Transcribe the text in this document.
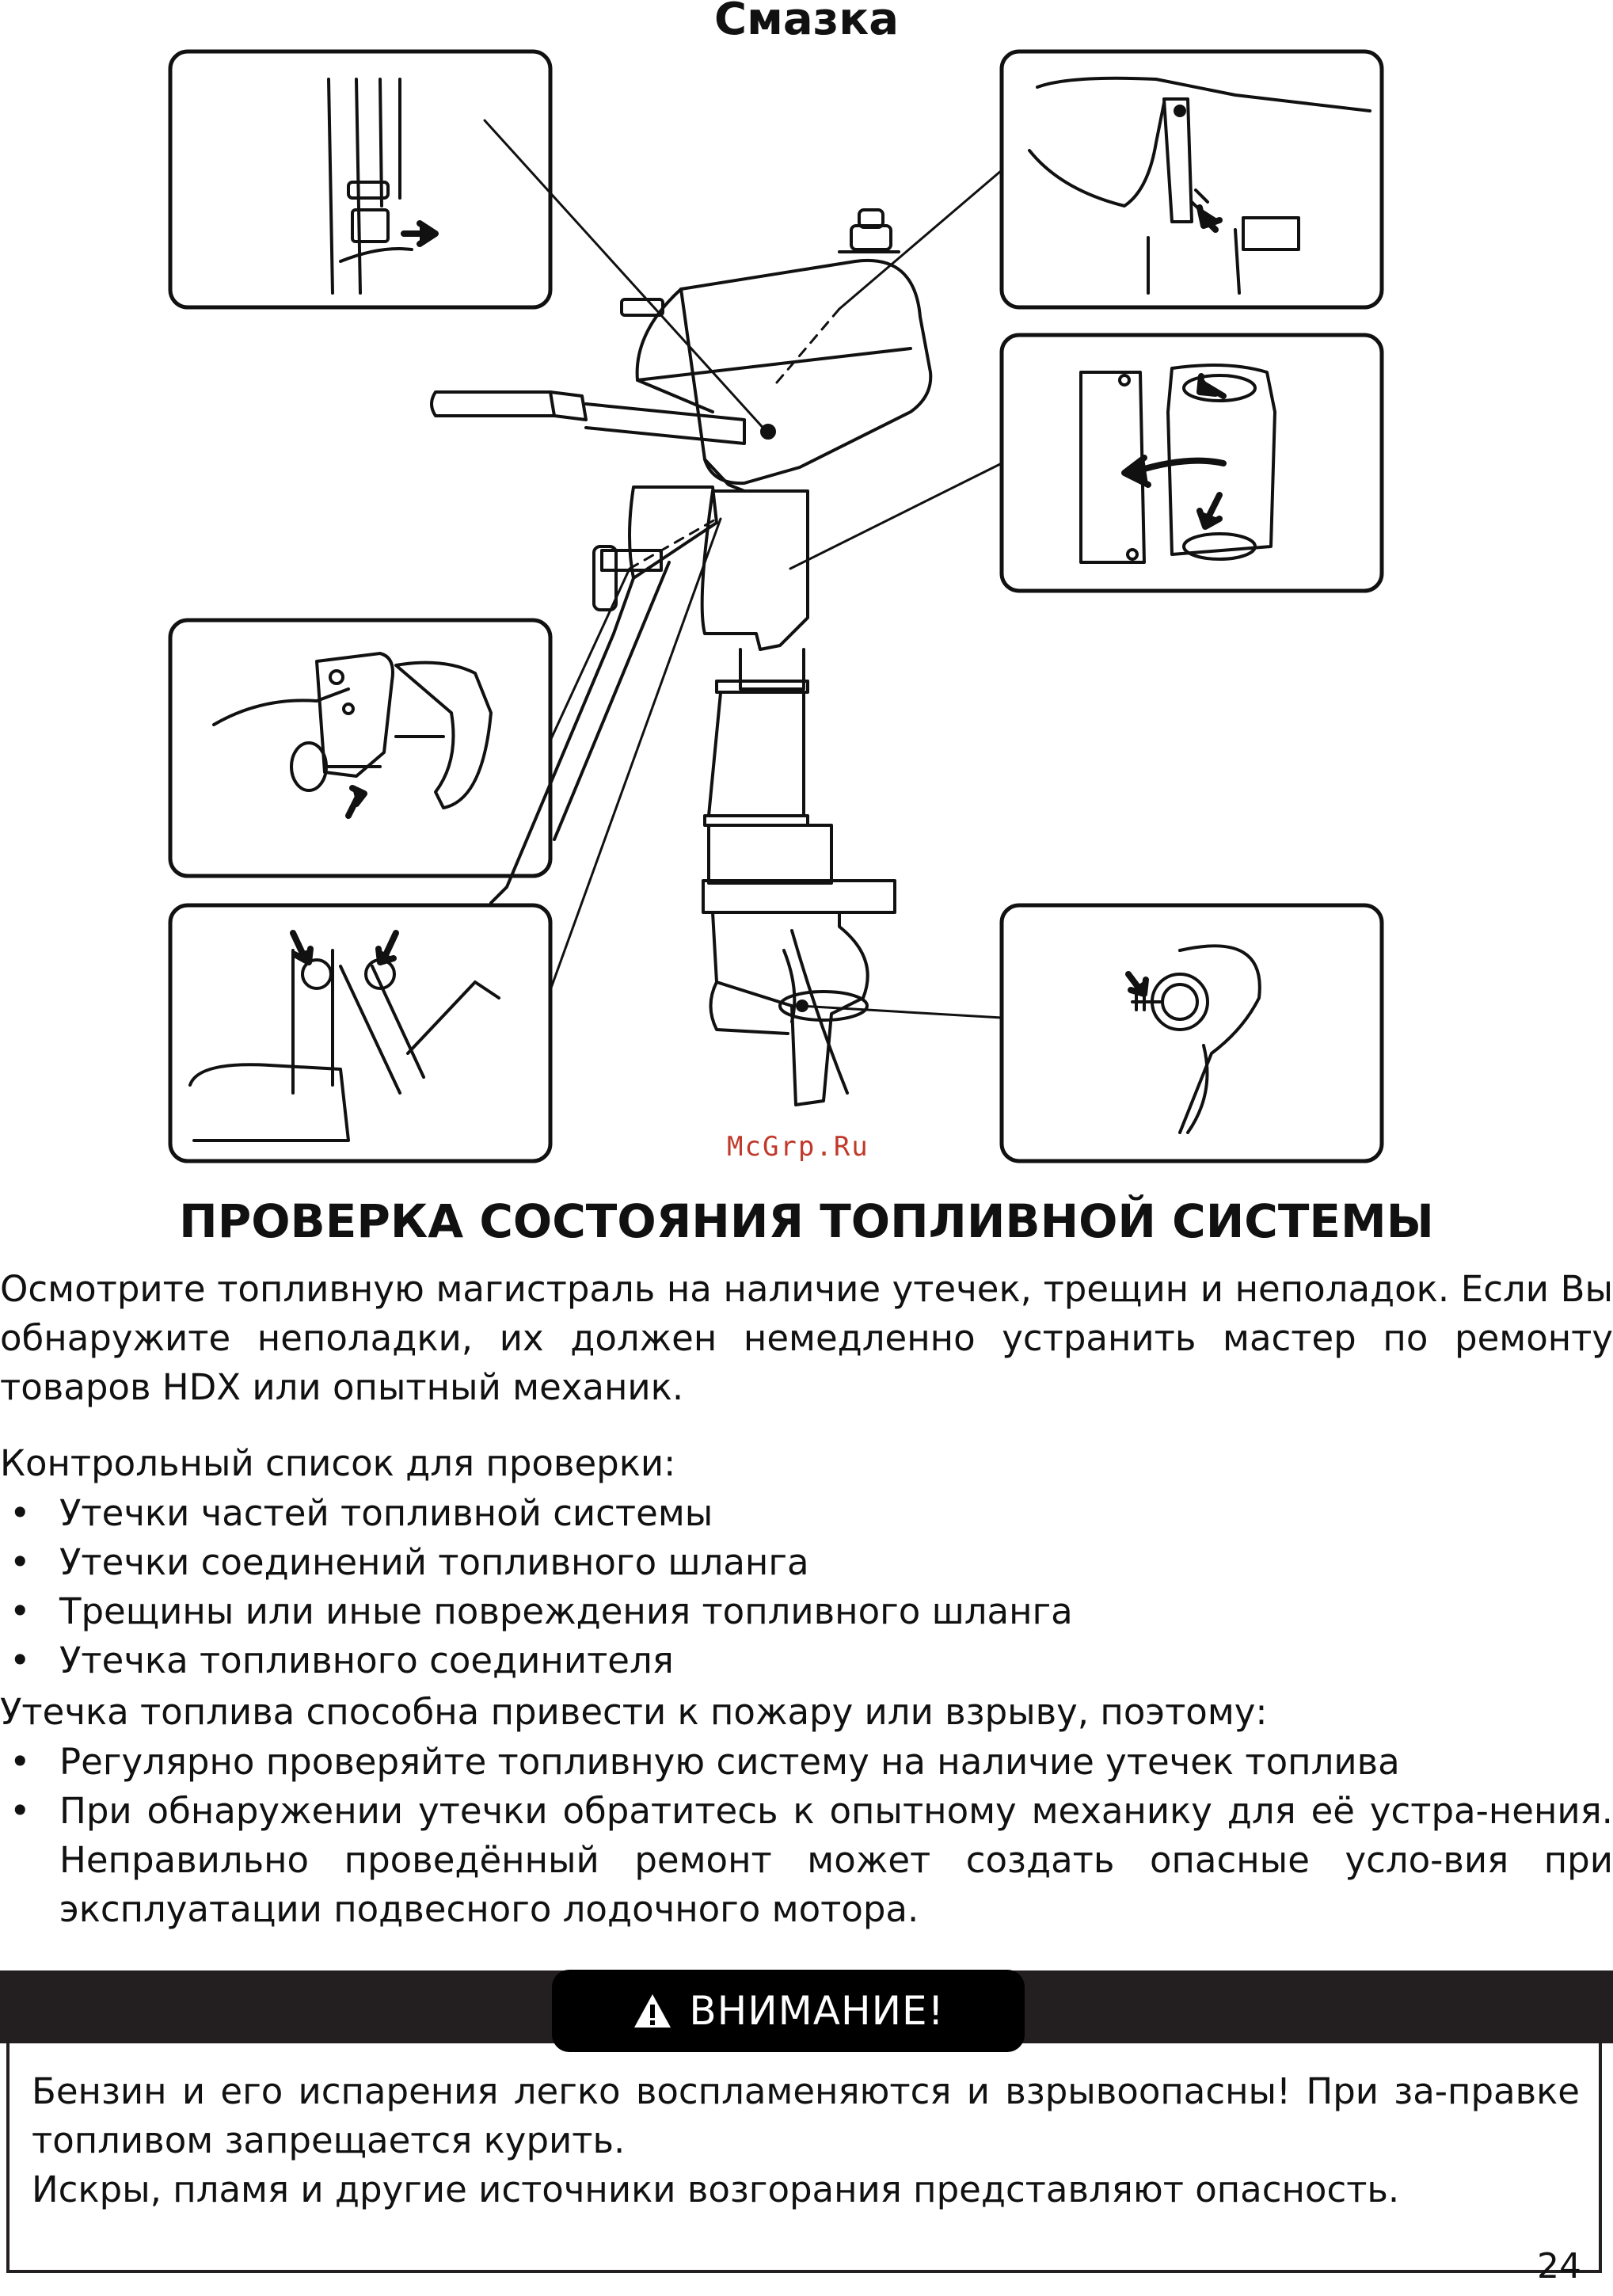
Смазка
McGrp.Ru
ПРОВЕРКА СОСТОЯНИЯ ТОПЛИВНОЙ СИСТЕМЫ
Осмотрите топливную магистраль на наличие утечек, трещин и неполадок. Если Вы обнаружите неполадки, их должен немедленно устранить мастер по ремонту товаров HDX или опытный механик.
Контрольный список для проверки:
• Утечки частей топливной системы
• Утечки соединений топливного шланга
• Трещины или иные повреждения топливного шланга
• Утечка топливного соединителя
Утечка топлива способна привести к пожару или взрыву, поэтому:
• Регулярно проверяйте топливную систему на наличие утечек топлива
• При обнаружении утечки обратитесь к опытному механику для её устра-нения. Неправильно проведённый ремонт может создать опасные усло-вия при эксплуатации подвесного лодочного мотора.
ВНИМАНИЕ!
Бензин и его испарения легко воспламеняются и взрывоопасны! При за-правке топливом запрещается курить.
Искры, пламя и другие источники возгорания представляют опасность.
24
